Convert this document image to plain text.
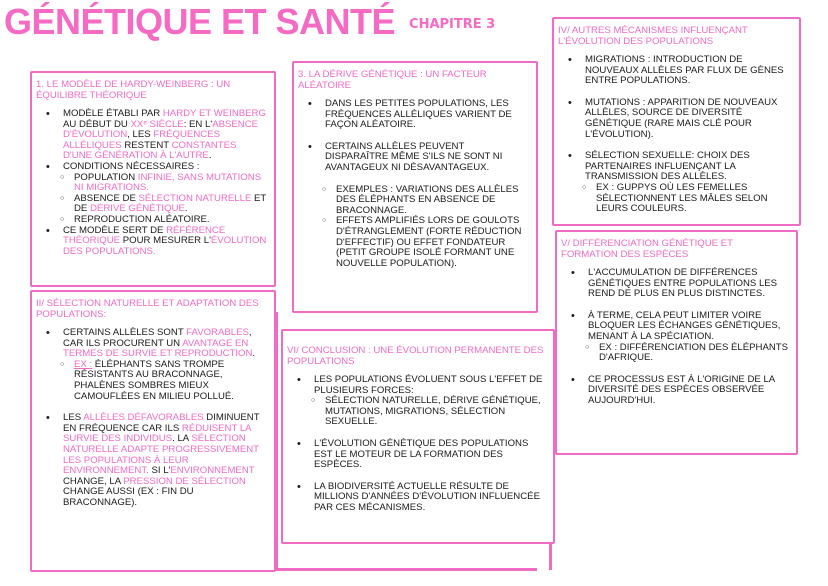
GÉNÉTIQUE ET SANTÉ CHAPITRE 3
1. LE MODÈLE DE HARDY-WEINBERG : UN ÉQUILIBRE THÉORIQUE
• MODÈLE ÉTABLI PAR HARDY ET WEINBERG AU DÉBUT DU XXᵉ SIÈCLE: EN L'ABSENCE D'ÉVOLUTION, LES FRÉQUENCES ALLÉLIQUES RESTENT CONSTANTES D'UNE GÉNÉRATION À L'AUTRE.
• CONDITIONS NÉCESSAIRES :
○ POPULATION INFINIE, SANS MUTATIONS NI MIGRATIONS.
○ ABSENCE DE SÉLECTION NATURELLE ET DE DÉRIVE GÉNÉTIQUE.
○ REPRODUCTION ALÉATOIRE.
• CE MODÈLE SERT DE RÉFÉRENCE THÉORIQUE POUR MESURER L'ÉVOLUTION DES POPULATIONS.
II/ SÉLECTION NATURELLE ET ADAPTATION DES POPULATIONS:
• CERTAINS ALLÈLES SONT FAVORABLES, CAR ILS PROCURENT UN AVANTAGE EN TERMES DE SURVIE ET REPRODUCTION.
○ EX : ÉLÉPHANTS SANS TROMPE RÉSISTANTS AU BRACONNAGE, PHALÈNES SOMBRES MIEUX CAMOUFLÉES EN MILIEU POLLUÉ.
• LES ALLÈLES DÉFAVORABLES DIMINUENT EN FRÉQUENCE CAR ILS RÉDUISENT LA SURVIE DES INDIVIDUS. LA SÉLECTION NATURELLE ADAPTE PROGRESSIVEMENT LES POPULATIONS À LEUR ENVIRONNEMENT. SI L'ENVIRONNEMENT CHANGE, LA PRESSION DE SÉLECTION CHANGE AUSSI (EX : FIN DU BRACONNAGE).
3. LA DÉRIVE GÉNÉTIQUE : UN FACTEUR ALÉATOIRE
• DANS LES PETITES POPULATIONS, LES FRÉQUENCES ALLÉLIQUES VARIENT DE FAÇON ALÉATOIRE.
• CERTAINS ALLÈLES PEUVENT DISPARAÎTRE MÊME S'ILS NE SONT NI AVANTAGEUX NI DÉSAVANTAGEUX.
○ EXEMPLES : VARIATIONS DES ALLÈLES DES ÉLÉPHANTS EN ABSENCE DE BRACONNAGE.
○ EFFETS AMPLIFIÉS LORS DE GOULOTS D'ÉTRANGLEMENT (FORTE RÉDUCTION D'EFFECTIF) OU EFFET FONDATEUR (PETIT GROUPE ISOLÉ FORMANT UNE NOUVELLE POPULATION).
VI/ CONCLUSION : UNE ÉVOLUTION PERMANENTE DES POPULATIONS
• LES POPULATIONS ÉVOLUENT SOUS L'EFFET DE PLUSIEURS FORCES:
○ SÉLECTION NATURELLE, DÉRIVE GÉNÉTIQUE, MUTATIONS, MIGRATIONS, SÉLECTION SEXUELLE.
• L'ÉVOLUTION GÉNÉTIQUE DES POPULATIONS EST LE MOTEUR DE LA FORMATION DES ESPÈCES.
• LA BIODIVERSITÉ ACTUELLE RÉSULTE DE MILLIONS D'ANNÉES D'ÉVOLUTION INFLUENCÉE PAR CES MÉCANISMES.
IV/ AUTRES MÉCANISMES INFLUENÇANT L'ÉVOLUTION DES POPULATIONS
• MIGRATIONS : INTRODUCTION DE NOUVEAUX ALLÈLES PAR FLUX DE GÈNES ENTRE POPULATIONS.
• MUTATIONS : APPARITION DE NOUVEAUX ALLÈLES, SOURCE DE DIVERSITÉ GÉNÉTIQUE (RARE MAIS CLÉ POUR L'ÉVOLUTION).
• SÉLECTION SEXUELLE: CHOIX DES PARTENAIRES INFLUENÇANT LA TRANSMISSION DES ALLÈLES.
○ EX : GUPPYS OÙ LES FEMELLES SÉLECTIONNENT LES MÂLES SELON LEURS COULEURS.
V/ DIFFÉRENCIATION GÉNÉTIQUE ET FORMATION DES ESPÈCES
• L'ACCUMULATION DE DIFFÉRENCES GÉNÉTIQUES ENTRE POPULATIONS LES REND DE PLUS EN PLUS DISTINCTES.
• À TERME, CELA PEUT LIMITER VOIRE BLOQUER LES ÉCHANGES GÉNÉTIQUES, MENANT À LA SPÉCIATION.
○ EX : DIFFÉRENCIATION DES ÉLÉPHANTS D'AFRIQUE.
• CE PROCESSUS EST À L'ORIGINE DE LA DIVERSITÉ DES ESPÈCES OBSERVÉE AUJOURD'HUI.
